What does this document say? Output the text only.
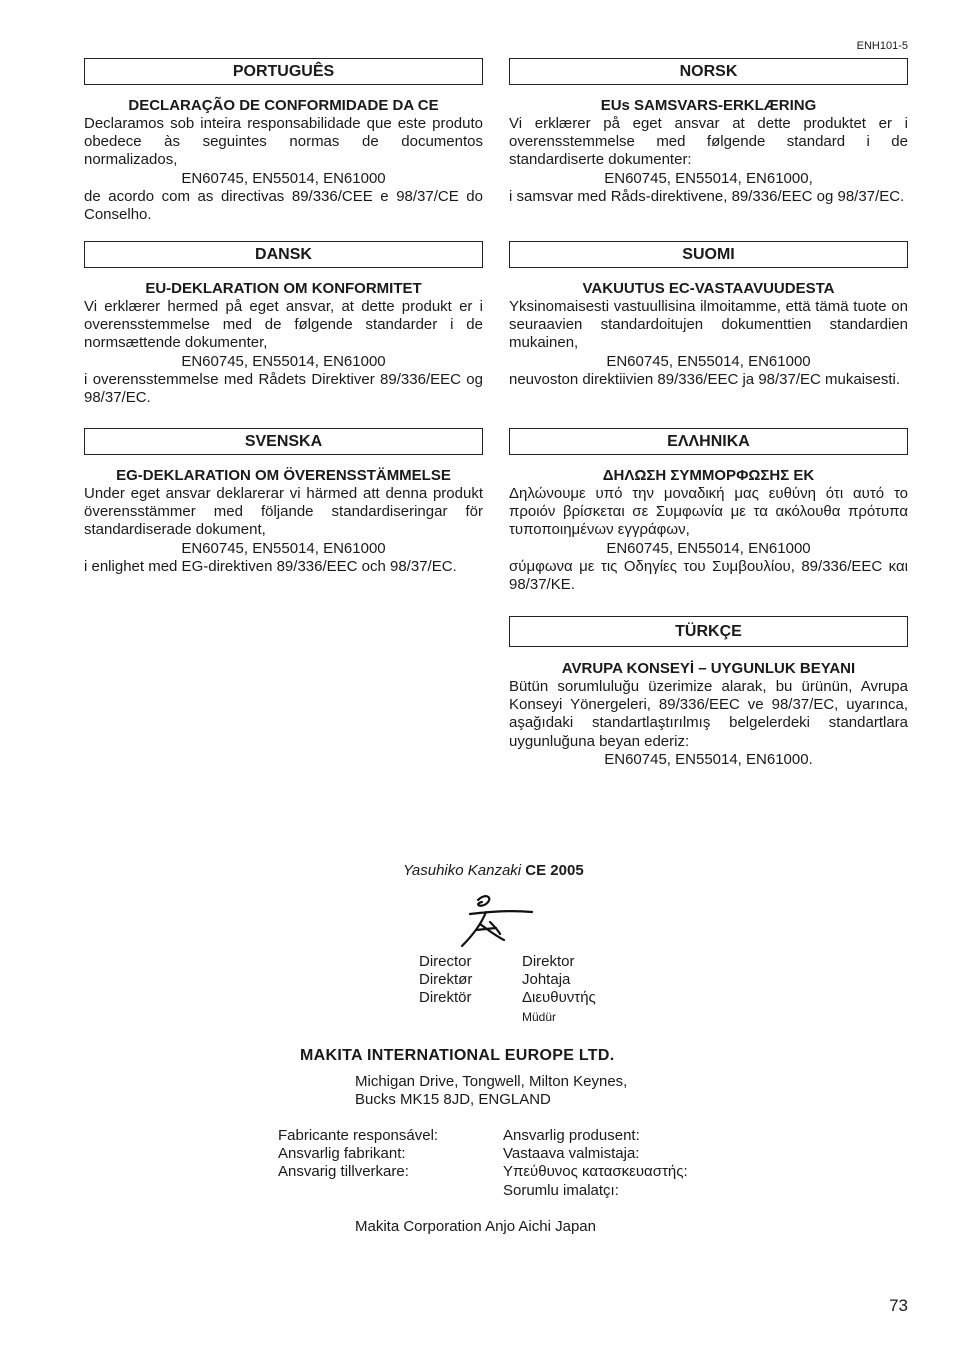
ENH101-5
PORTUGUÊS
DECLARAÇÃO DE CONFORMIDADE DA CE

Declaramos sob inteira responsabilidade que este produto obedece às seguintes normas de documentos normalizados,

EN60745, EN55014, EN61000

de acordo com as directivas 89/336/CEE e 98/37/CE do Conselho.

DANSK
EU-DEKLARATION OM KONFORMITET

Vi erklærer hermed på eget ansvar, at dette produkt er i overensstemmelse med de følgende standarder i de normsættende dokumenter,

EN60745, EN55014, EN61000

i overensstemmelse med Rådets Direktiver 89/336/EEC og 98/37/EC.

SVENSKA
EG-DEKLARATION OM ÖVERENSSTÄMMELSE

Under eget ansvar deklarerar vi härmed att denna produkt överensstämmer med följande standardiseringar för standardiserade dokument,

EN60745, EN55014, EN61000

i enlighet med EG-direktiven 89/336/EEC och 98/37/EC.

NORSK
EUs SAMSVARS-ERKLÆRING

Vi erklærer på eget ansvar at dette produktet er i overensstemmelse med følgende standard i de standardiserte dokumenter:

EN60745, EN55014, EN61000,

i samsvar med Råds-direktivene, 89/336/EEC og 98/37/EC.

SUOMI
VAKUUTUS EC-VASTAAVUUDESTA

Yksinomaisesti vastuullisina ilmoitamme, että tämä tuote on seuraavien standardoitujen dokumenttien standardien mukainen,

EN60745, EN55014, EN61000

neuvoston direktiivien 89/336/EEC ja 98/37/EC mukaisesti.

ΕΛΛΗΝΙΚΑ
ΔΗΛΩΣΗ ΣΥΜΜΟΡΦΩΣΗΣ ΕΚ

Δηλώνουμε υπό την μοναδική μας ευθύνη ότι αυτό το προιόν βρίσκεται σε Συμφωνία με τα ακόλουθα πρότυπα τυποποιημένων εγγράφων,

EN60745, EN55014, EN61000

σύμφωνα με τις Οδηγίες του Συμβουλίου, 89/336/EEC και 98/37/ΚΕ.

TÜRKÇE
AVRUPA KONSEYİ – UYGUNLUK BEYANI

Bütün sorumluluğu üzerimize alarak, bu ürünün, Avrupa Konseyi Yönergeleri, 89/336/EEC ve 98/37/EC, uyarınca, aşağıdaki standartlaştırılmış belgelerdeki standartlara uygunluğuna beyan ederiz:

EN60745, EN55014, EN61000.

Yasuhiko Kanzaki CE 2005
Director
Direktør
Direktör
Direktor
Johtaja
Διευθυντής
Müdür
MAKITA INTERNATIONAL EUROPE LTD.
Michigan Drive, Tongwell, Milton Keynes,
Bucks MK15 8JD, ENGLAND
Fabricante responsável:
Ansvarlig fabrikant:
Ansvarig tillverkare:
Ansvarlig produsent:
Vastaava valmistaja:
Υπεύθυνος κατασκευαστής:
Sorumlu imalatçı:
Makita Corporation Anjo Aichi Japan
73
